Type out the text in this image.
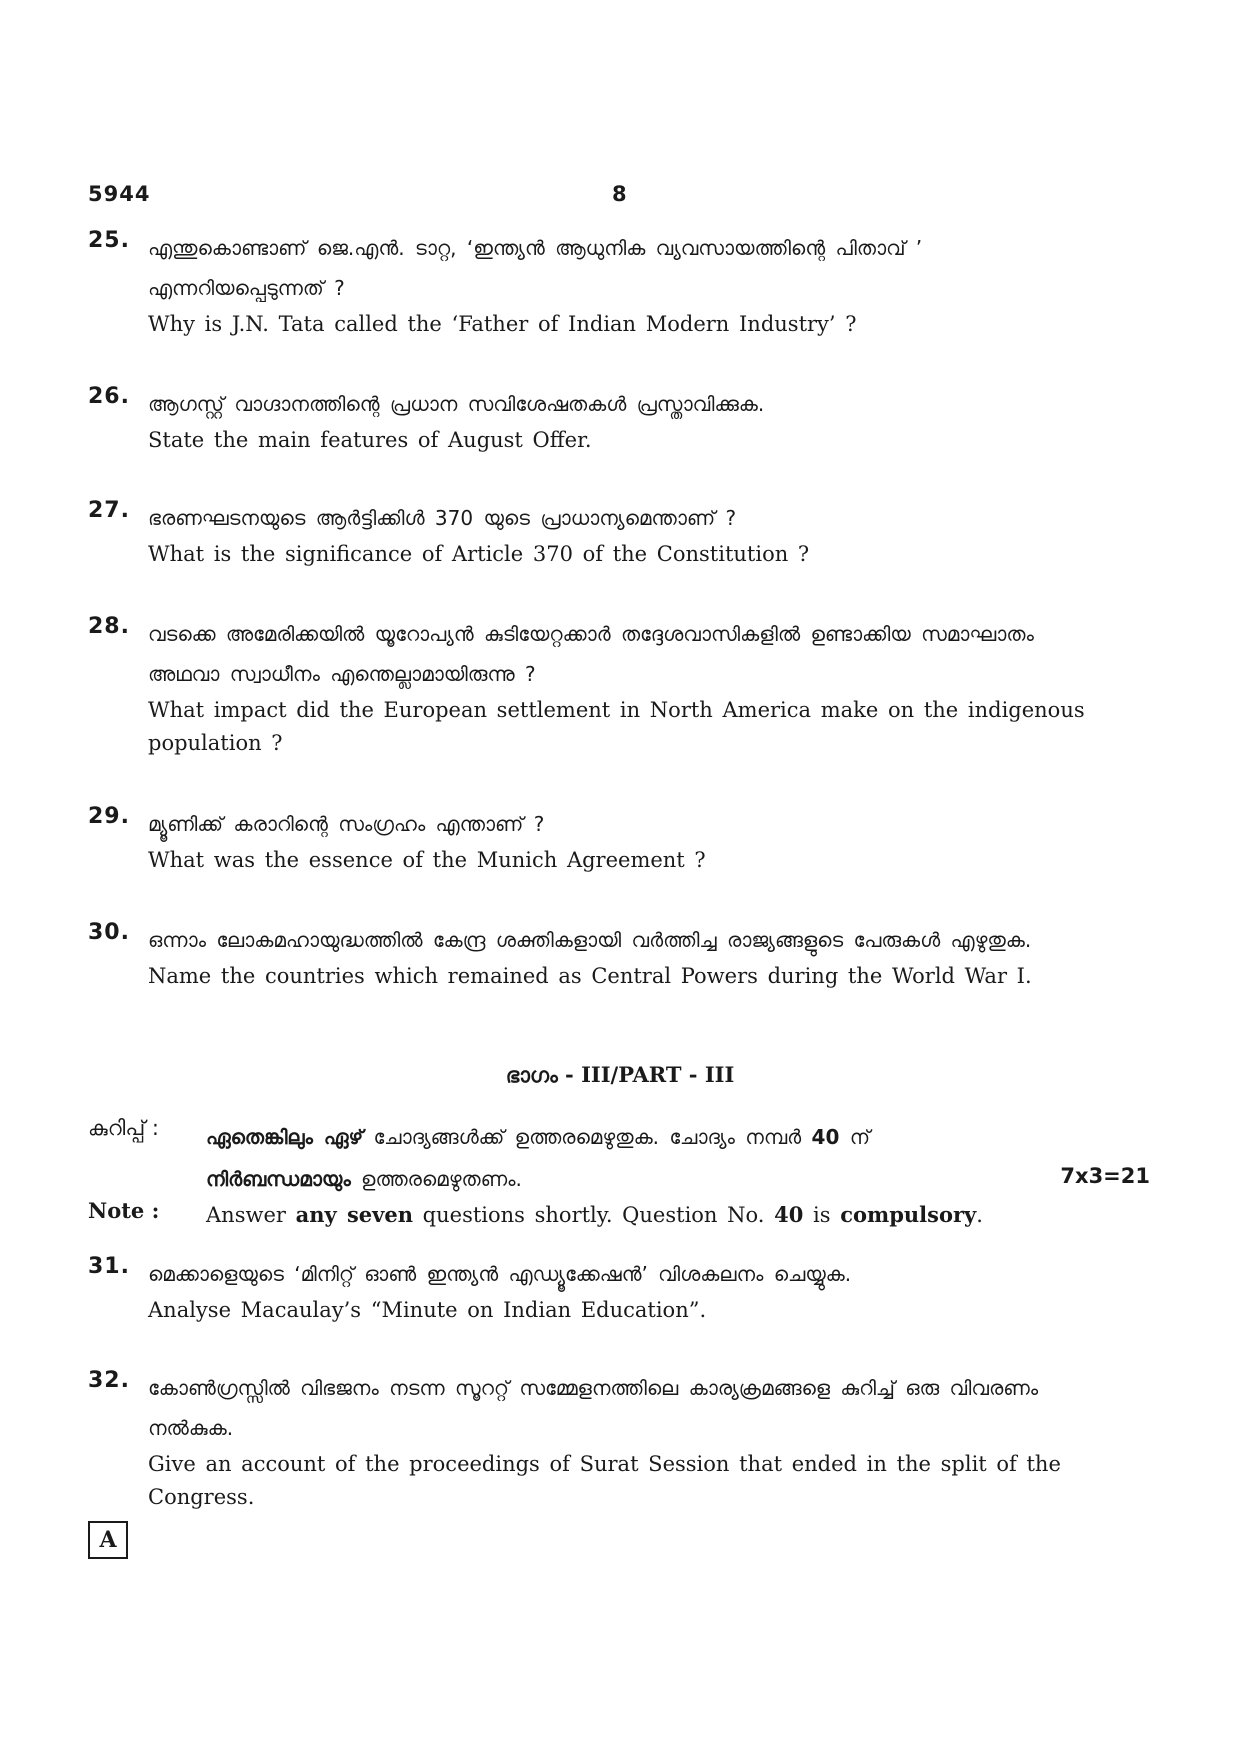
5944	8
25. എന്തുകൊണ്ടാണ് ജെ.എൻ. ടാറ്റ, ‘ഇന്ത്യൻ ആധുനിക വ്യവസായത്തിന്റെ പിതാവ് ’ എന്നറിയപ്പെടുന്നത് ?
Why is J.N. Tata called the ‘Father of Indian Modern Industry’ ?
26. ആഗസ്റ്റ് വാഗ്ദാനത്തിന്റെ പ്രധാന സവിശേഷതകൾ പ്രസ്താവിക്കുക.
State the main features of August Offer.
27. ഭരണഘടനയുടെ ആർട്ടിക്കിൾ 370 യുടെ പ്രാധാന്യമെന്താണ് ?
What is the significance of Article 370 of the Constitution ?
28. വടക്കെ അമേരിക്കയിൽ യൂറോപ്യൻ കുടിയേറ്റക്കാർ തദ്ദേശവാസികളിൽ ഉണ്ടാക്കിയ സമാഘാതം അഥവാ സ്വാധീനം എന്തെല്ലാമായിരുന്നു ?
What impact did the European settlement in North America make on the indigenous population ?
29. മ്യൂണിക്ക് കരാറിന്റെ സംഗ്രഹം എന്താണ് ?
What was the essence of the Munich Agreement ?
30. ഒന്നാം ലോകമഹായുദ്ധത്തിൽ കേന്ദ്ര ശക്തികളായി വർത്തിച്ച രാജ്യങ്ങളുടെ പേരുകൾ എഴുതുക.
Name the countries which remained as Central Powers during the World War I.
ഭാഗം - III/PART - III
കുറിപ്പ് : ഏതെങ്കിലും ഏഴ് ചോദ്യങ്ങൾക്ക് ഉത്തരമെഴുതുക. ചോദ്യം നമ്പർ 40 ന്
നിർബന്ധമായും ഉത്തരമെഴുതണം.	7x3=21
Note : Answer any seven questions shortly. Question No. 40 is compulsory.
31. മെക്കാളെയുടെ ‘മിനിറ്റ് ഓൺ ഇന്ത്യൻ എഡ്യൂക്കേഷൻ’ വിശകലനം ചെയ്യുക.
Analyse Macaulay’s “Minute on Indian Education”.
32. കോൺഗ്രസ്സിൽ വിഭജനം നടന്ന സൂററ്റ് സമ്മേളനത്തിലെ കാര്യക്രമങ്ങളെ കുറിച്ച് ഒരു വിവരണം നൽകുക.
Give an account of the proceedings of Surat Session that ended in the split of the Congress.
A
